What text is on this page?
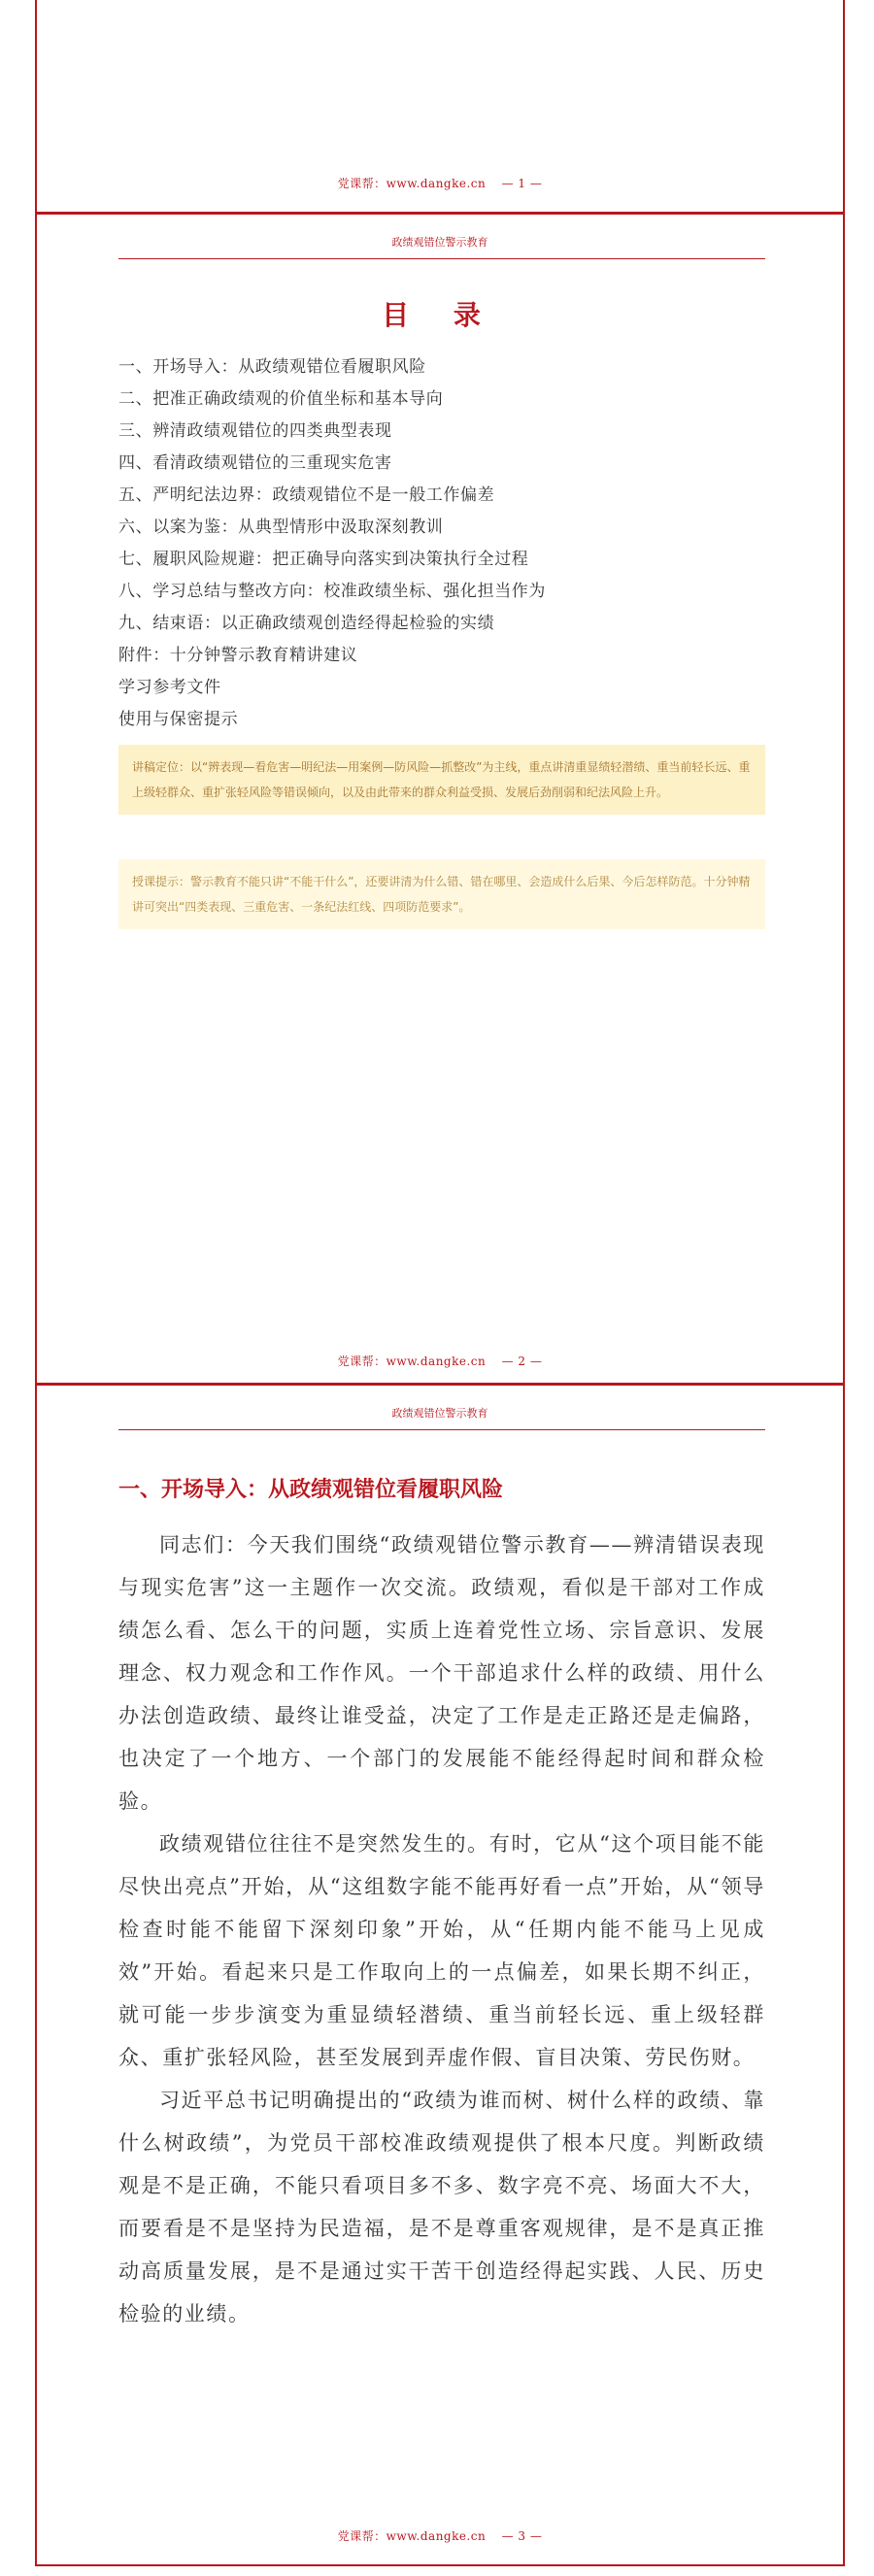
党课帮：www.dangke.cn — 1 —
政绩观错位警示教育
目 录
一、开场导入：从政绩观错位看履职风险
二、把准正确政绩观的价值坐标和基本导向
三、辨清政绩观错位的四类典型表现
四、看清政绩观错位的三重现实危害
五、严明纪法边界：政绩观错位不是一般工作偏差
六、以案为鉴：从典型情形中汲取深刻教训
七、履职风险规避：把正确导向落实到决策执行全过程
八、学习总结与整改方向：校准政绩坐标、强化担当作为
九、结束语：以正确政绩观创造经得起检验的实绩
附件：十分钟警示教育精讲建议
学习参考文件
使用与保密提示
讲稿定位：以“辨表现—看危害—明纪法—用案例—防风险—抓整改”为主线，重点讲清重显绩轻潜绩、重当前轻长远、重上级轻群众、重扩张轻风险等错误倾向，以及由此带来的群众利益受损、发展后劲削弱和纪法风险上升。
授课提示：警示教育不能只讲“不能干什么”，还要讲清为什么错、错在哪里、会造成什么后果、今后怎样防范。十分钟精讲可突出“四类表现、三重危害、一条纪法红线、四项防范要求”。
党课帮：www.dangke.cn — 2 —
政绩观错位警示教育
一、开场导入：从政绩观错位看履职风险

同志们：今天我们围绕“政绩观错位警示教育——辨清错误表现与现实危害”这一主题作一次交流。政绩观，看似是干部对工作成绩怎么看、怎么干的问题，实质上连着党性立场、宗旨意识、发展理念、权力观念和工作作风。一个干部追求什么样的政绩、用什么办法创造政绩、最终让谁受益，决定了工作是走正路还是走偏路，也决定了一个地方、一个部门的发展能不能经得起时间和群众检验。

政绩观错位往往不是突然发生的。有时，它从“这个项目能不能尽快出亮点”开始，从“这组数字能不能再好看一点”开始，从“领导检查时能不能留下深刻印象”开始，从“任期内能不能马上见成效”开始。看起来只是工作取向上的一点偏差，如果长期不纠正，就可能一步步演变为重显绩轻潜绩、重当前轻长远、重上级轻群众、重扩张轻风险，甚至发展到弄虚作假、盲目决策、劳民伤财。

习近平总书记明确提出的“政绩为谁而树、树什么样的政绩、靠什么树政绩”，为党员干部校准政绩观提供了根本尺度。判断政绩观是不是正确，不能只看项目多不多、数字亮不亮、场面大不大，而要看是不是坚持为民造福，是不是尊重客观规律，是不是真正推动高质量发展，是不是通过实干苦干创造经得起实践、人民、历史检验的业绩。

党课帮：www.dangke.cn — 3 —
